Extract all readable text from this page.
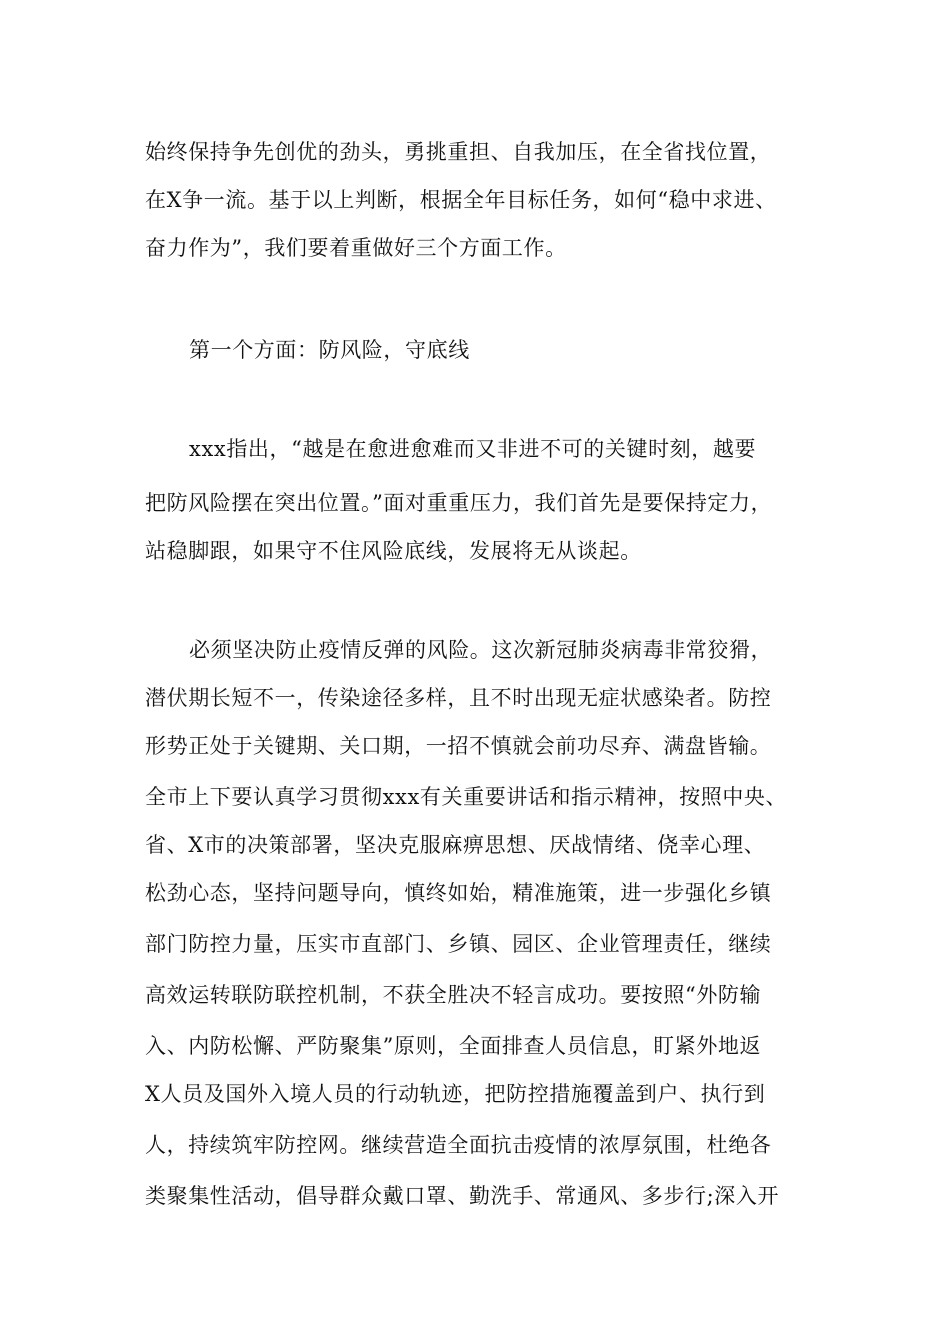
始终保持争先创优的劲头，勇挑重担、自我加压，在全省找位置，
在X争一流。基于以上判断，根据全年目标任务，如何“稳中求进、
奋力作为”，我们要着重做好三个方面工作。
第一个方面：防风险，守底线
xxx指出，“越是在愈进愈难而又非进不可的关键时刻，越要
把防风险摆在突出位置。”面对重重压力，我们首先是要保持定力，
站稳脚跟，如果守不住风险底线，发展将无从谈起。
必须坚决防止疫情反弹的风险。这次新冠肺炎病毒非常狡猾，
潜伏期长短不一，传染途径多样，且不时出现无症状感染者。防控
形势正处于关键期、关口期，一招不慎就会前功尽弃、满盘皆输。
全市上下要认真学习贯彻xxx有关重要讲话和指示精神，按照中央、
省、X市的决策部署，坚决克服麻痹思想、厌战情绪、侥幸心理、
松劲心态，坚持问题导向，慎终如始，精准施策，进一步强化乡镇
部门防控力量，压实市直部门、乡镇、园区、企业管理责任，继续
高效运转联防联控机制，不获全胜决不轻言成功。要按照“外防输
入、内防松懈、严防聚集”原则，全面排查人员信息，盯紧外地返
X人员及国外入境人员的行动轨迹，把防控措施覆盖到户、执行到
人，持续筑牢防控网。继续营造全面抗击疫情的浓厚氛围，杜绝各
类聚集性活动，倡导群众戴口罩、勤洗手、常通风、多步行;深入开
